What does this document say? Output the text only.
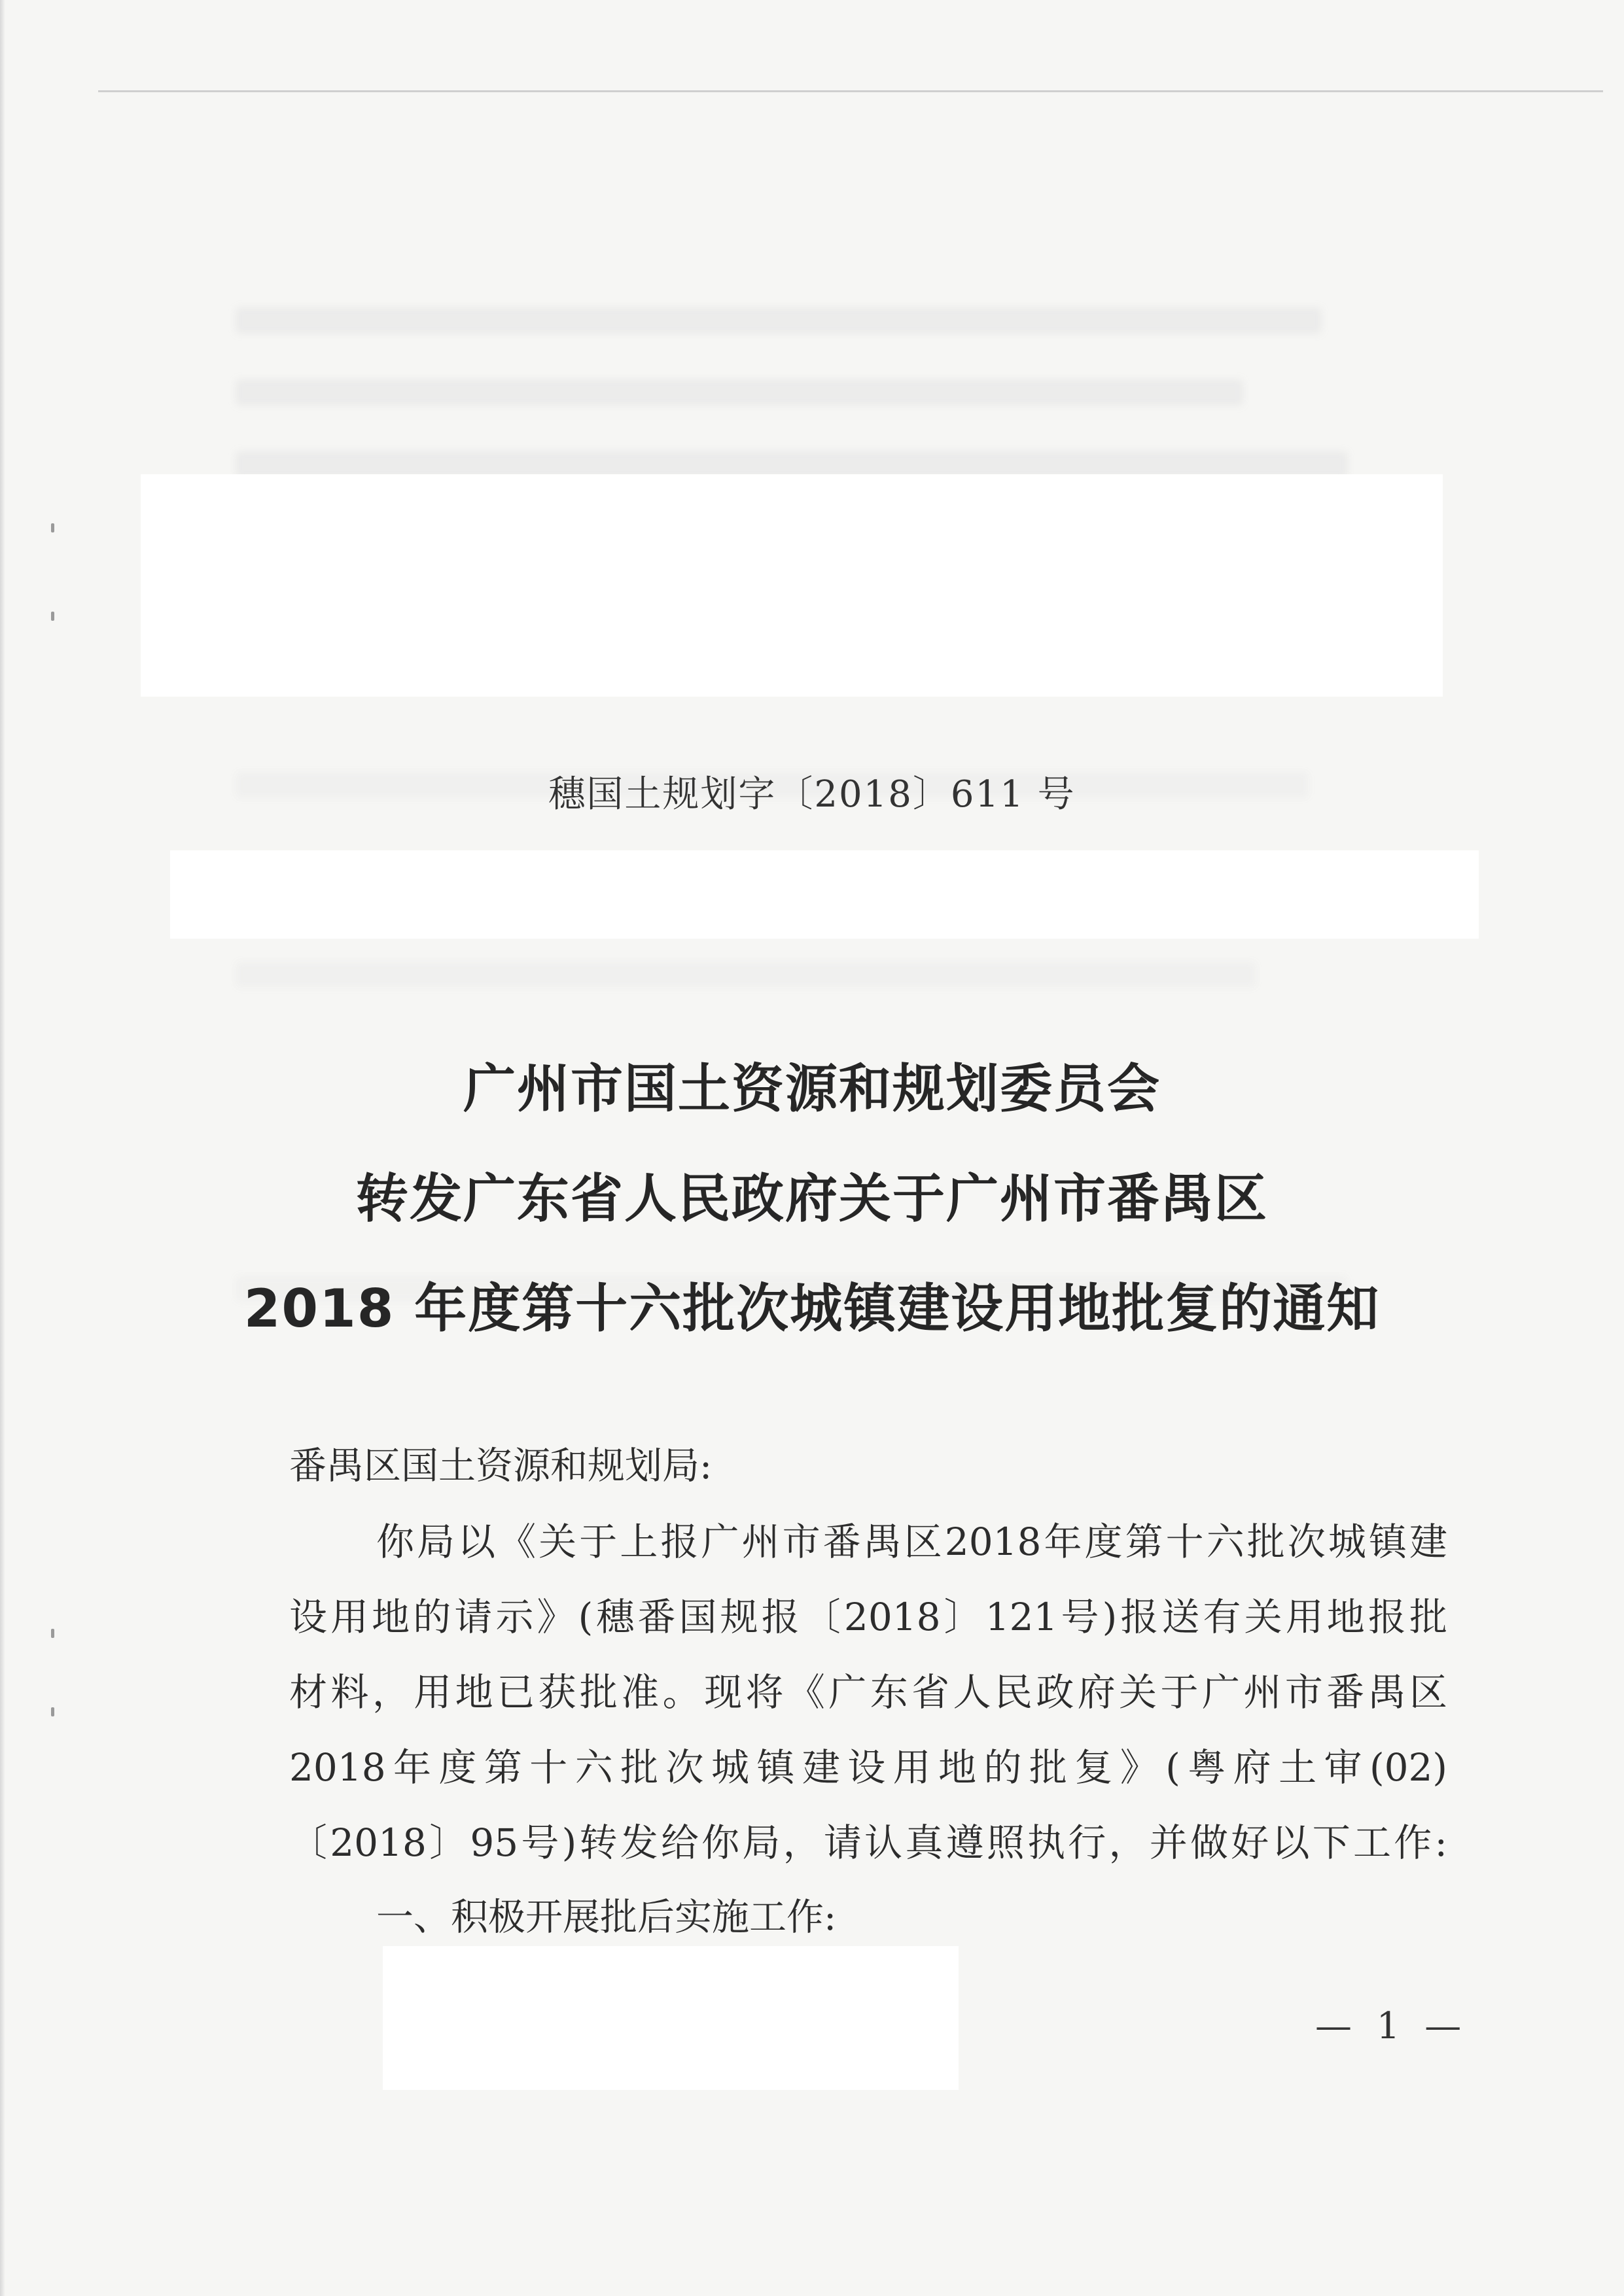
穗国土规划字〔2018〕611 号
广州市国土资源和规划委员会
转发广东省人民政府关于广州市番禺区
2018 年度第十六批次城镇建设用地批复的通知
番禺区国土资源和规划局:
你局以《关于上报广州市番禺区2018年度第十六批次城镇建
设用地的请示》(穗番国规报〔2018〕121号)报送有关用地报批
材料，用地已获批准。现将《广东省人民政府关于广州市番禺区
2018年度第十六批次城镇建设用地的批复》(粤府土审(02)
〔2018〕95号)转发给你局，请认真遵照执行，并做好以下工作:
一、积极开展批后实施工作:
— 1 —
